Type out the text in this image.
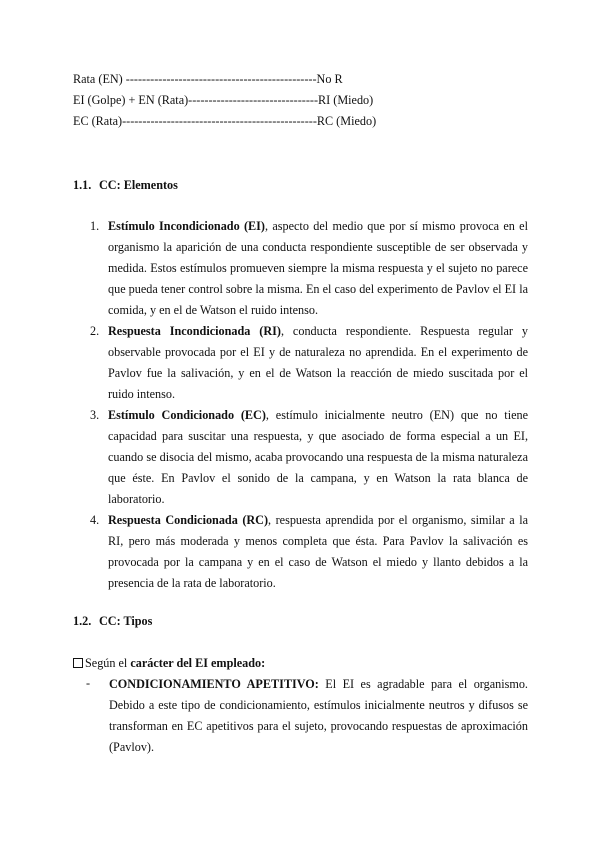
Rata (EN) -----------------------------------------------No R
EI (Golpe) + EN (Rata)--------------------------------RI (Miedo)
EC (Rata)------------------------------------------------RC (Miedo)
1.1. CC: Elementos
1. Estímulo Incondicionado (EI), aspecto del medio que por sí mismo provoca en el organismo la aparición de una conducta respondiente susceptible de ser observada y medida. Estos estímulos promueven siempre la misma respuesta y el sujeto no parece que pueda tener control sobre la misma. En el caso del experimento de Pavlov el EI la comida, y en el de Watson el ruido intenso.
2. Respuesta Incondicionada (RI), conducta respondiente. Respuesta regular y observable provocada por el EI y de naturaleza no aprendida. En el experimento de Pavlov fue la salivación, y en el de Watson la reacción de miedo suscitada por el ruido intenso.
3. Estímulo Condicionado (EC), estímulo inicialmente neutro (EN) que no tiene capacidad para suscitar una respuesta, y que asociado de forma especial a un EI, cuando se disocia del mismo, acaba provocando una respuesta de la misma naturaleza que éste. En Pavlov el sonido de la campana, y en Watson la rata blanca de laboratorio.
4. Respuesta Condicionada (RC), respuesta aprendida por el organismo, similar a la RI, pero más moderada y menos completa que ésta. Para Pavlov la salivación es provocada por la campana y en el caso de Watson el miedo y llanto debidos a la presencia de la rata de laboratorio.
1.2. CC: Tipos
Según el carácter del EI empleado:
- CONDICIONAMIENTO APETITIVO: El EI es agradable para el organismo. Debido a este tipo de condicionamiento, estímulos inicialmente neutros y difusos se transforman en EC apetitivos para el sujeto, provocando respuestas de aproximación (Pavlov).
